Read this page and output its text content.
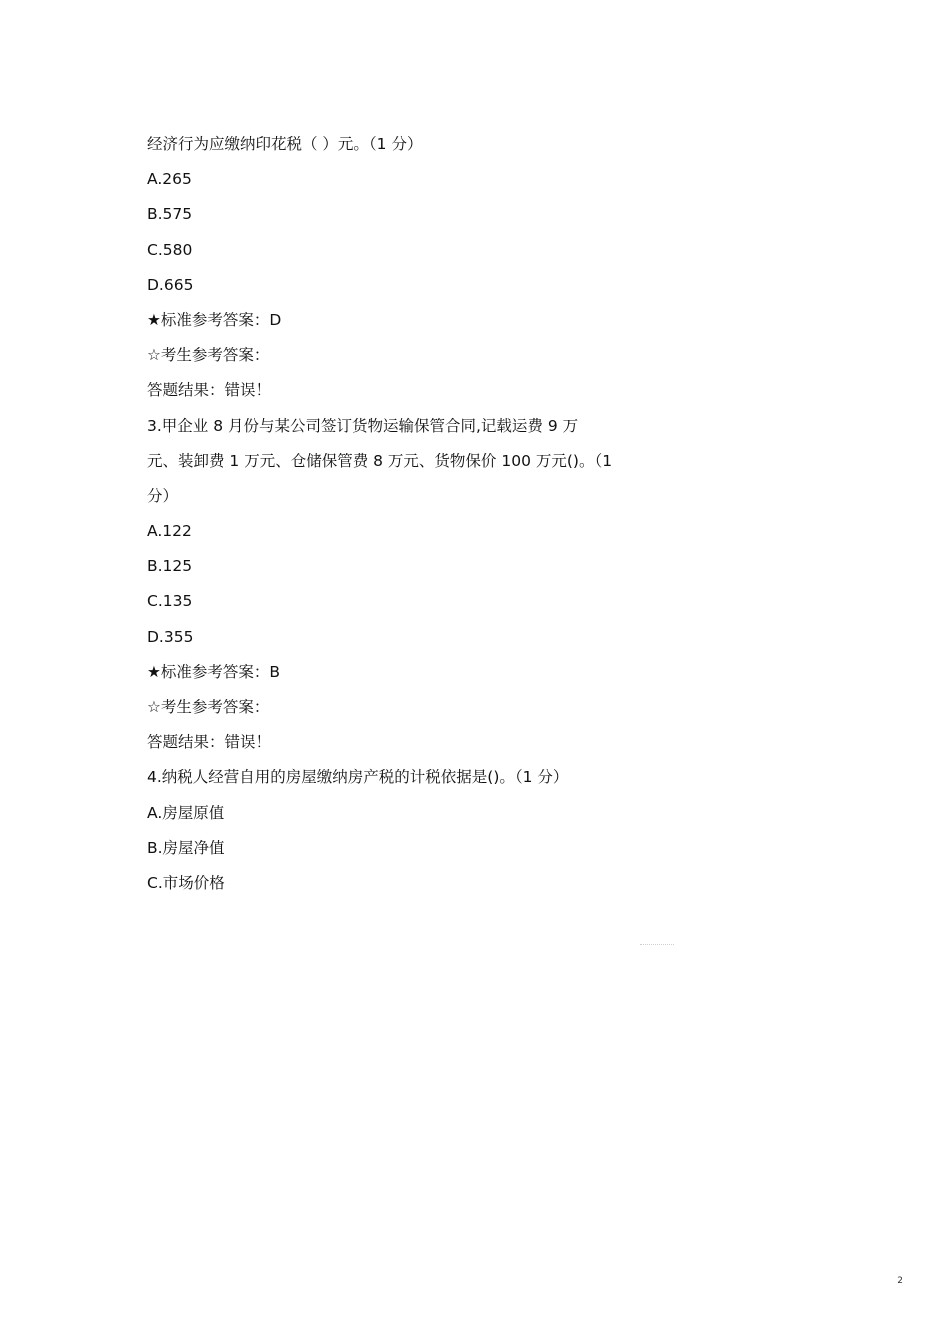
经济行为应缴纳印花税（ ）元。（1 分）
A.265
B.575
C.580
D.665
★标准参考答案：D
☆考生参考答案：
答题结果：错误！
3.甲企业 8 月份与某公司签订货物运输保管合同,记载运费 9 万
元、装卸费 1 万元、仓储保管费 8 万元、货物保价 100 万元()。（1
分）
A.122
B.125
C.135
D.355
★标准参考答案：B
☆考生参考答案：
答题结果：错误！
4.纳税人经营自用的房屋缴纳房产税的计税依据是()。（1 分）
A.房屋原值
B.房屋净值
C.市场价格
2
